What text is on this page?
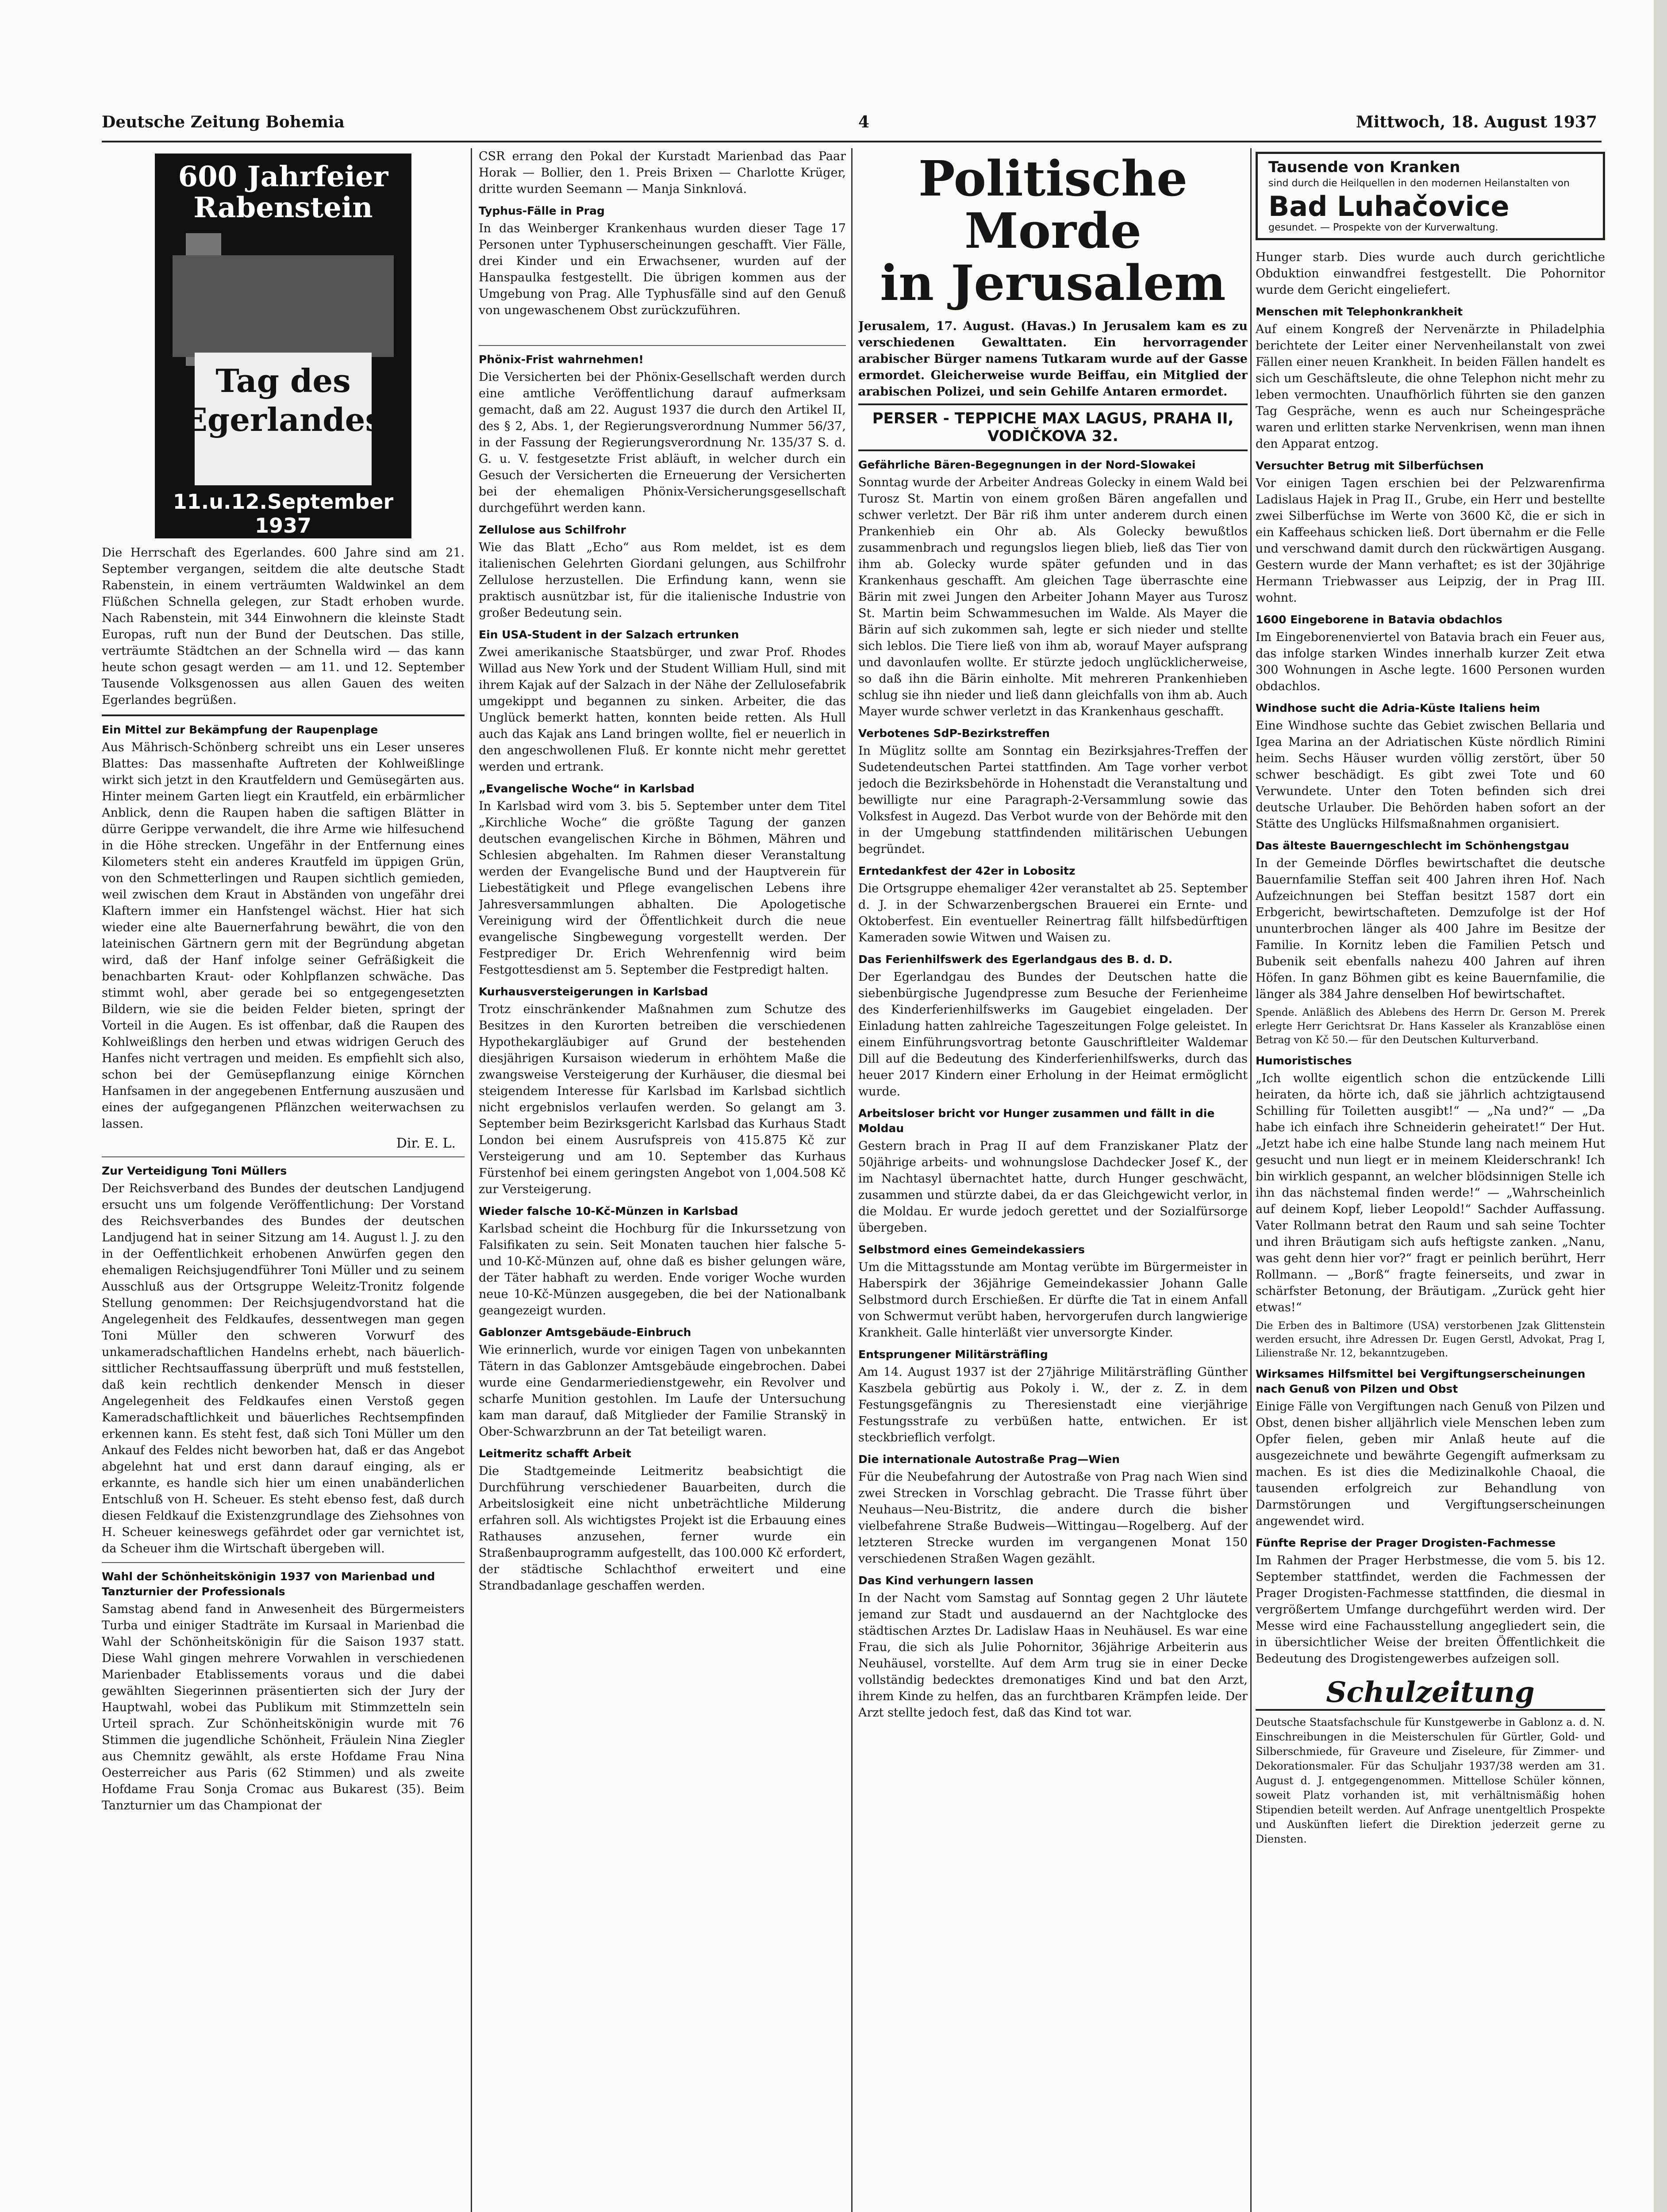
Deutsche Zeitung Bohemia	4	Mittwoch, 18. August 1937
600 Jahrfeier Rabenstein
Tag des Egerlandes
11.u.12.September 1937

Die Herrschaft des Egerlandes. 600 Jahre sind am 21. September vergangen, seitdem die alte deutsche Stadt Rabenstein, in einem verträumten Waldwinkel an dem Flüßchen Schnella gelegen, zur Stadt erhoben wurde. Nach Rabenstein, mit 344 Einwohnern die kleinste Stadt Europas, ruft nun der Bund der Deutschen. Das stille, verträumte Städtchen an der Schnella wird — das kann heute schon gesagt werden — am 11. und 12. September Tausende Volksgenossen aus allen Gauen des weiten Egerlandes begrüßen.

Ein Mittel zur Bekämpfung der Raupenplage

Aus Mährisch-Schönberg schreibt uns ein Leser unseres Blattes: Das massenhafte Auftreten der Kohlweißlinge wirkt sich jetzt in den Krautfeldern und Gemüsegärten aus. Hinter meinem Garten liegt ein Krautfeld, ein erbärmlicher Anblick, denn die Raupen haben die saftigen Blätter in dürre Gerippe verwandelt, die ihre Arme wie hilfesuchend in die Höhe strecken. Ungefähr in der Entfernung eines Kilometers steht ein anderes Krautfeld im üppigen Grün, von den Schmetterlingen und Raupen sichtlich gemieden, weil zwischen dem Kraut in Abständen von ungefähr drei Klaftern immer ein Hanfstengel wächst. Hier hat sich wieder eine alte Bauernerfahrung bewährt, die von den lateinischen Gärtnern gern mit der Begründung abgetan wird, daß der Hanf infolge seiner Gefräßigkeit die benachbarten Kraut- oder Kohlpflanzen schwäche. Das stimmt wohl, aber gerade bei so entgegengesetzten Bildern, wie sie die beiden Felder bieten, springt der Vorteil in die Augen. Es ist offenbar, daß die Raupen des Kohlweißlings den herben und etwas widrigen Geruch des Hanfes nicht vertragen und meiden. Es empfiehlt sich also, schon bei der Gemüsepflanzung einige Körnchen Hanfsamen in der angegebenen Entfernung auszusäen und eines der aufgegangenen Pflänzchen weiterwachsen zu lassen.

Dir. E. L.
Zur Verteidigung Toni Müllers

Der Reichsverband des Bundes der deutschen Landjugend ersucht uns um folgende Veröffentlichung: Der Vorstand des Reichsverbandes des Bundes der deutschen Landjugend hat in seiner Sitzung am 14. August l. J. zu den in der Oeffentlichkeit erhobenen Anwürfen gegen den ehemaligen Reichsjugendführer Toni Müller und zu seinem Ausschluß aus der Ortsgruppe Weleitz-Tronitz folgende Stellung genommen: Der Reichsjugendvorstand hat die Angelegenheit des Feldkaufes, dessentwegen man gegen Toni Müller den schweren Vorwurf des unkameradschaftlichen Handelns erhebt, nach bäuerlich-sittlicher Rechtsauffassung überprüft und muß feststellen, daß kein rechtlich denkender Mensch in dieser Angelegenheit des Feldkaufes einen Verstoß gegen Kameradschaftlichkeit und bäuerliches Rechtsempfinden erkennen kann. Es steht fest, daß sich Toni Müller um den Ankauf des Feldes nicht beworben hat, daß er das Angebot abgelehnt hat und erst dann darauf einging, als er erkannte, es handle sich hier um einen unabänderlichen Entschluß von H. Scheuer. Es steht ebenso fest, daß durch diesen Feldkauf die Existenzgrundlage des Ziehsohnes von H. Scheuer keineswegs gefährdet oder gar vernichtet ist, da Scheuer ihm die Wirtschaft übergeben will.

Wahl der Schönheitskönigin 1937 von Marienbad und Tanzturnier der Professionals

Samstag abend fand in Anwesenheit des Bürgermeisters Turba und einiger Stadträte im Kursaal in Marienbad die Wahl der Schönheitskönigin für die Saison 1937 statt. Diese Wahl gingen mehrere Vorwahlen in verschiedenen Marienbader Etablissements voraus und die dabei gewählten Siegerinnen präsentierten sich der Jury der Hauptwahl, wobei das Publikum mit Stimmzetteln sein Urteil sprach. Zur Schönheitskönigin wurde mit 76 Stimmen die jugendliche Schönheit, Fräulein Nina Ziegler aus Chemnitz gewählt, als erste Hofdame Frau Nina Oesterreicher aus Paris (62 Stimmen) und als zweite Hofdame Frau Sonja Cromac aus Bukarest (35). Beim Tanzturnier um das Championat der

CSR errang den Pokal der Kurstadt Marienbad das Paar Horak — Bollier, den 1. Preis Brixen — Charlotte Krüger, dritte wurden Seemann — Manja Sinknlová.

Typhus-Fälle in Prag

In das Weinberger Krankenhaus wurden dieser Tage 17 Personen unter Typhuserscheinungen geschafft. Vier Fälle, drei Kinder und ein Erwachsener, wurden auf der Hanspaulka festgestellt. Die übrigen kommen aus der Umgebung von Prag. Alle Typhusfälle sind auf den Genuß von ungewaschenem Obst zurückzuführen.

Phönix-Frist wahrnehmen!

Die Versicherten bei der Phönix-Gesellschaft werden durch eine amtliche Veröffentlichung darauf aufmerksam gemacht, daß am 22. August 1937 die durch den Artikel II, des § 2, Abs. 1, der Regierungsverordnung Nummer 56/37, in der Fassung der Regierungsverordnung Nr. 135/37 S. d. G. u. V. festgesetzte Frist abläuft, in welcher durch ein Gesuch der Versicherten die Erneuerung der Versicherten bei der ehemaligen Phönix-Versicherungsgesellschaft durchgeführt werden kann.

Zellulose aus Schilfrohr

Wie das Blatt „Echo“ aus Rom meldet, ist es dem italienischen Gelehrten Giordani gelungen, aus Schilfrohr Zellulose herzustellen. Die Erfindung kann, wenn sie praktisch ausnützbar ist, für die italienische Industrie von großer Bedeutung sein.

Ein USA-Student in der Salzach ertrunken

Zwei amerikanische Staatsbürger, und zwar Prof. Rhodes Willad aus New York und der Student William Hull, sind mit ihrem Kajak auf der Salzach in der Nähe der Zellulosefabrik umgekippt und begannen zu sinken. Arbeiter, die das Unglück bemerkt hatten, konnten beide retten. Als Hull auch das Kajak ans Land bringen wollte, fiel er neuerlich in den angeschwollenen Fluß. Er konnte nicht mehr gerettet werden und ertrank.

„Evangelische Woche“ in Karlsbad

In Karlsbad wird vom 3. bis 5. September unter dem Titel „Kirchliche Woche“ die größte Tagung der ganzen deutschen evangelischen Kirche in Böhmen, Mähren und Schlesien abgehalten. Im Rahmen dieser Veranstaltung werden der Evangelische Bund und der Hauptverein für Liebestätigkeit und Pflege evangelischen Lebens ihre Jahresversammlungen abhalten. Die Apologetische Vereinigung wird der Öffentlichkeit durch die neue evangelische Singbewegung vorgestellt werden. Der Festprediger Dr. Erich Wehrenfennig wird beim Festgottesdienst am 5. September die Festpredigt halten.

Kurhausversteigerungen in Karlsbad

Trotz einschränkender Maßnahmen zum Schutze des Besitzes in den Kurorten betreiben die verschiedenen Hypothekargläubiger auf Grund der bestehenden diesjährigen Kursaison wiederum in erhöhtem Maße die zwangsweise Versteigerung der Kurhäuser, die diesmal bei steigendem Interesse für Karlsbad im Karlsbad sichtlich nicht ergebnislos verlaufen werden. So gelangt am 3. September beim Bezirksgericht Karlsbad das Kurhaus Stadt London bei einem Ausrufspreis von 415.875 Kč zur Versteigerung und am 10. September das Kurhaus Fürstenhof bei einem geringsten Angebot von 1,004.508 Kč zur Versteigerung.

Wieder falsche 10-Kč-Münzen in Karlsbad

Karlsbad scheint die Hochburg für die Inkurssetzung von Falsifikaten zu sein. Seit Monaten tauchen hier falsche 5- und 10-Kč-Münzen auf, ohne daß es bisher gelungen wäre, der Täter habhaft zu werden. Ende voriger Woche wurden neue 10-Kč-Münzen ausgegeben, die bei der Nationalbank geangezeigt wurden.

Gablonzer Amtsgebäude-Einbruch

Wie erinnerlich, wurde vor einigen Tagen von unbekannten Tätern in das Gablonzer Amtsgebäude eingebrochen. Dabei wurde eine Gendarmeriedienstgewehr, ein Revolver und scharfe Munition gestohlen. Im Laufe der Untersuchung kam man darauf, daß Mitglieder der Familie Stranskÿ in Ober-Schwarzbrunn an der Tat beteiligt waren.

Leitmeritz schafft Arbeit

Die Stadtgemeinde Leitmeritz beabsichtigt die Durchführung verschiedener Bauarbeiten, durch die Arbeitslosigkeit eine nicht unbeträchtliche Milderung erfahren soll. Als wichtigstes Projekt ist die Erbauung eines Rathauses anzusehen, ferner wurde ein Straßenbauprogramm aufgestellt, das 100.000 Kč erfordert, der städtische Schlachthof erweitert und eine Strandbadanlage geschaffen werden.

Politische Morde
in Jerusalem

Jerusalem, 17. August. (Havas.) In Jerusalem kam es zu verschiedenen Gewalttaten. Ein hervorragender arabischer Bürger namens Tutkaram wurde auf der Gasse ermordet. Gleicherweise wurde Beiffau, ein Mitglied der arabischen Polizei, und sein Gehilfe Antaren ermordet.

PERSER - TEPPICHE MAX LAGUS, PRAHA II, VODIČKOVA 32.
Gefährliche Bären-Begegnungen in der Nord-Slowakei

Sonntag wurde der Arbeiter Andreas Golecky in einem Wald bei Turosz St. Martin von einem großen Bären angefallen und schwer verletzt. Der Bär riß ihm unter anderem durch einen Prankenhieb ein Ohr ab. Als Golecky bewußtlos zusammenbrach und regungslos liegen blieb, ließ das Tier von ihm ab. Golecky wurde später gefunden und in das Krankenhaus geschafft. Am gleichen Tage überraschte eine Bärin mit zwei Jungen den Arbeiter Johann Mayer aus Turosz St. Martin beim Schwammesuchen im Walde. Als Mayer die Bärin auf sich zukommen sah, legte er sich nieder und stellte sich leblos. Die Tiere ließ von ihm ab, worauf Mayer aufsprang und davonlaufen wollte. Er stürzte jedoch unglücklicherweise, so daß ihn die Bärin einholte. Mit mehreren Prankenhieben schlug sie ihn nieder und ließ dann gleichfalls von ihm ab. Auch Mayer wurde schwer verletzt in das Krankenhaus geschafft.

Verbotenes SdP-Bezirkstreffen

In Müglitz sollte am Sonntag ein Bezirksjahres-Treffen der Sudetendeutschen Partei stattfinden. Am Tage vorher verbot jedoch die Bezirksbehörde in Hohenstadt die Veranstaltung und bewilligte nur eine Paragraph-2-Versammlung sowie das Volksfest in Augezd. Das Verbot wurde von der Behörde mit den in der Umgebung stattfindenden militärischen Uebungen begründet.

Erntedankfest der 42er in Lobositz

Die Ortsgruppe ehemaliger 42er veranstaltet ab 25. September d. J. in der Schwarzenbergschen Brauerei ein Ernte- und Oktoberfest. Ein eventueller Reinertrag fällt hilfsbedürftigen Kameraden sowie Witwen und Waisen zu.

Das Ferienhilfswerk des Egerlandgaus des B. d. D.

Der Egerlandgau des Bundes der Deutschen hatte die siebenbürgische Jugendpresse zum Besuche der Ferienheime des Kinderferienhilfswerks im Gaugebiet eingeladen. Der Einladung hatten zahlreiche Tageszeitungen Folge geleistet. In einem Einführungsvortrag betonte Gauschriftleiter Waldemar Dill auf die Bedeutung des Kinderferienhilfswerks, durch das heuer 2017 Kindern einer Erholung in der Heimat ermöglicht wurde.

Arbeitsloser bricht vor Hunger zusammen und fällt in die Moldau

Gestern brach in Prag II auf dem Franziskaner Platz der 50jährige arbeits- und wohnungslose Dachdecker Josef K., der im Nachtasyl übernachtet hatte, durch Hunger geschwächt, zusammen und stürzte dabei, da er das Gleichgewicht verlor, in die Moldau. Er wurde jedoch gerettet und der Sozialfürsorge übergeben.

Selbstmord eines Gemeindekassiers

Um die Mittagsstunde am Montag verübte im Bürgermeister in Haberspirk der 36jährige Gemeindekassier Johann Galle Selbstmord durch Erschießen. Er dürfte die Tat in einem Anfall von Schwermut verübt haben, hervorgerufen durch langwierige Krankheit. Galle hinterläßt vier unversorgte Kinder.

Entsprungener Militärsträfling

Am 14. August 1937 ist der 27jährige Militärsträfling Günther Kaszbela gebürtig aus Pokoly i. W., der z. Z. in dem Festungsgefängnis zu Theresienstadt eine vierjährige Festungsstrafe zu verbüßen hatte, entwichen. Er ist steckbrieflich verfolgt.

Die internationale Autostraße Prag—Wien

Für die Neubefahrung der Autostraße von Prag nach Wien sind zwei Strecken in Vorschlag gebracht. Die Trasse führt über Neuhaus—Neu-Bistritz, die andere durch die bisher vielbefahrene Straße Budweis—Wittingau—Rogelberg. Auf der letzteren Strecke wurden im vergangenen Monat 150 verschiedenen Straßen Wagen gezählt.

Das Kind verhungern lassen

In der Nacht vom Samstag auf Sonntag gegen 2 Uhr läutete jemand zur Stadt und ausdauernd an der Nachtglocke des städtischen Arztes Dr. Ladislaw Haas in Neuhäusel. Es war eine Frau, die sich als Julie Pohornitor, 36jährige Arbeiterin aus Neuhäusel, vorstellte. Auf dem Arm trug sie in einer Decke vollständig bedecktes dremonatiges Kind und bat den Arzt, ihrem Kinde zu helfen, das an furchtbaren Krämpfen leide. Der Arzt stellte jedoch fest, daß das Kind tot war.

Tausende von Kranken
sind durch die Heilquellen in den modernen Heilanstalten von
Bad Luhačovice
gesundet. — Prospekte von der Kurverwaltung.

Hunger starb. Dies wurde auch durch gerichtliche Obduktion einwandfrei festgestellt. Die Pohornitor wurde dem Gericht eingeliefert.

Menschen mit Telephonkrankheit

Auf einem Kongreß der Nervenärzte in Philadelphia berichtete der Leiter einer Nervenheilanstalt von zwei Fällen einer neuen Krankheit. In beiden Fällen handelt es sich um Geschäftsleute, die ohne Telephon nicht mehr zu leben vermochten. Unaufhörlich führten sie den ganzen Tag Gespräche, wenn es auch nur Scheingespräche waren und erlitten starke Nervenkrisen, wenn man ihnen den Apparat entzog.

Versuchter Betrug mit Silberfüchsen

Vor einigen Tagen erschien bei der Pelzwarenfirma Ladislaus Hajek in Prag II., Grube, ein Herr und bestellte zwei Silberfüchse im Werte von 3600 Kč, die er sich in ein Kaffeehaus schicken ließ. Dort übernahm er die Felle und verschwand damit durch den rückwärtigen Ausgang. Gestern wurde der Mann verhaftet; es ist der 30jährige Hermann Triebwasser aus Leipzig, der in Prag III. wohnt.

1600 Eingeborene in Batavia obdachlos

Im Eingeborenenviertel von Batavia brach ein Feuer aus, das infolge starken Windes innerhalb kurzer Zeit etwa 300 Wohnungen in Asche legte. 1600 Personen wurden obdachlos.

Windhose sucht die Adria-Küste Italiens heim

Eine Windhose suchte das Gebiet zwischen Bellaria und Igea Marina an der Adriatischen Küste nördlich Rimini heim. Sechs Häuser wurden völlig zerstört, über 50 schwer beschädigt. Es gibt zwei Tote und 60 Verwundete. Unter den Toten befinden sich drei deutsche Urlauber. Die Behörden haben sofort an der Stätte des Unglücks Hilfsmaßnahmen organisiert.

Das älteste Bauerngeschlecht im Schönhengstgau

In der Gemeinde Dörfles bewirtschaftet die deutsche Bauernfamilie Steffan seit 400 Jahren ihren Hof. Nach Aufzeichnungen bei Steffan besitzt 1587 dort ein Erbgericht, bewirtschafteten. Demzufolge ist der Hof ununterbrochen länger als 400 Jahre im Besitze der Familie. In Kornitz leben die Familien Petsch und Bubenik seit ebenfalls nahezu 400 Jahren auf ihren Höfen. In ganz Böhmen gibt es keine Bauernfamilie, die länger als 384 Jahre denselben Hof bewirtschaftet.

Spende. Anläßlich des Ablebens des Herrn Dr. Gerson M. Prerek erlegte Herr Gerichtsrat Dr. Hans Kasseler als Kranzablöse einen Betrag von Kč 50.— für den Deutschen Kulturverband.

Humoristisches

„Ich wollte eigentlich schon die entzückende Lilli heiraten, da hörte ich, daß sie jährlich achtzigtausend Schilling für Toiletten ausgibt!“ — „Na und?“ — „Da habe ich einfach ihre Schneiderin geheiratet!“ Der Hut. „Jetzt habe ich eine halbe Stunde lang nach meinem Hut gesucht und nun liegt er in meinem Kleiderschrank! Ich bin wirklich gespannt, an welcher blödsinnigen Stelle ich ihn das nächstemal finden werde!“ — „Wahrscheinlich auf deinem Kopf, lieber Leopold!“ Sachder Auffassung. Vater Rollmann betrat den Raum und sah seine Tochter und ihren Bräutigam sich aufs heftigste zanken. „Nanu, was geht denn hier vor?“ fragt er peinlich berührt, Herr Rollmann. — „Borß“ fragte feinerseits, und zwar in schärfster Betonung, der Bräutigam. „Zurück geht hier etwas!“

Die Erben des in Baltimore (USA) verstorbenen Jzak Glittenstein werden ersucht, ihre Adressen Dr. Eugen Gerstl, Advokat, Prag I, Lilienstraße Nr. 12, bekanntzugeben.

Wirksames Hilfsmittel bei Vergiftungserscheinungen nach Genuß von Pilzen und Obst

Einige Fälle von Vergiftungen nach Genuß von Pilzen und Obst, denen bisher alljährlich viele Menschen leben zum Opfer fielen, geben mir Anlaß heute auf die ausgezeichnete und bewährte Gegengift aufmerksam zu machen. Es ist dies die Medizinalkohle Chaoal, die tausenden erfolgreich zur Behandlung von Darmstörungen und Vergiftungserscheinungen angewendet wird.

Fünfte Reprise der Prager Drogisten-Fachmesse

Im Rahmen der Prager Herbstmesse, die vom 5. bis 12. September stattfindet, werden die Fachmessen der Prager Drogisten-Fachmesse stattfinden, die diesmal in vergrößertem Umfange durchgeführt werden wird. Der Messe wird eine Fachausstellung angegliedert sein, die in übersichtlicher Weise der breiten Öffentlichkeit die Bedeutung des Drogistengewerbes aufzeigen soll.

Schulzeitung

Deutsche Staatsfachschule für Kunstgewerbe in Gablonz a. d. N. Einschreibungen in die Meisterschulen für Gürtler, Gold- und Silberschmiede, für Graveure und Ziseleure, für Zimmer- und Dekorationsmaler. Für das Schuljahr 1937/38 werden am 31. August d. J. entgegengenommen. Mittellose Schüler können, soweit Platz vorhanden ist, mit verhältnismäßig hohen Stipendien beteilt werden. Auf Anfrage unentgeltlich Prospekte und Auskünften liefert die Direktion jederzeit gerne zu Diensten.
